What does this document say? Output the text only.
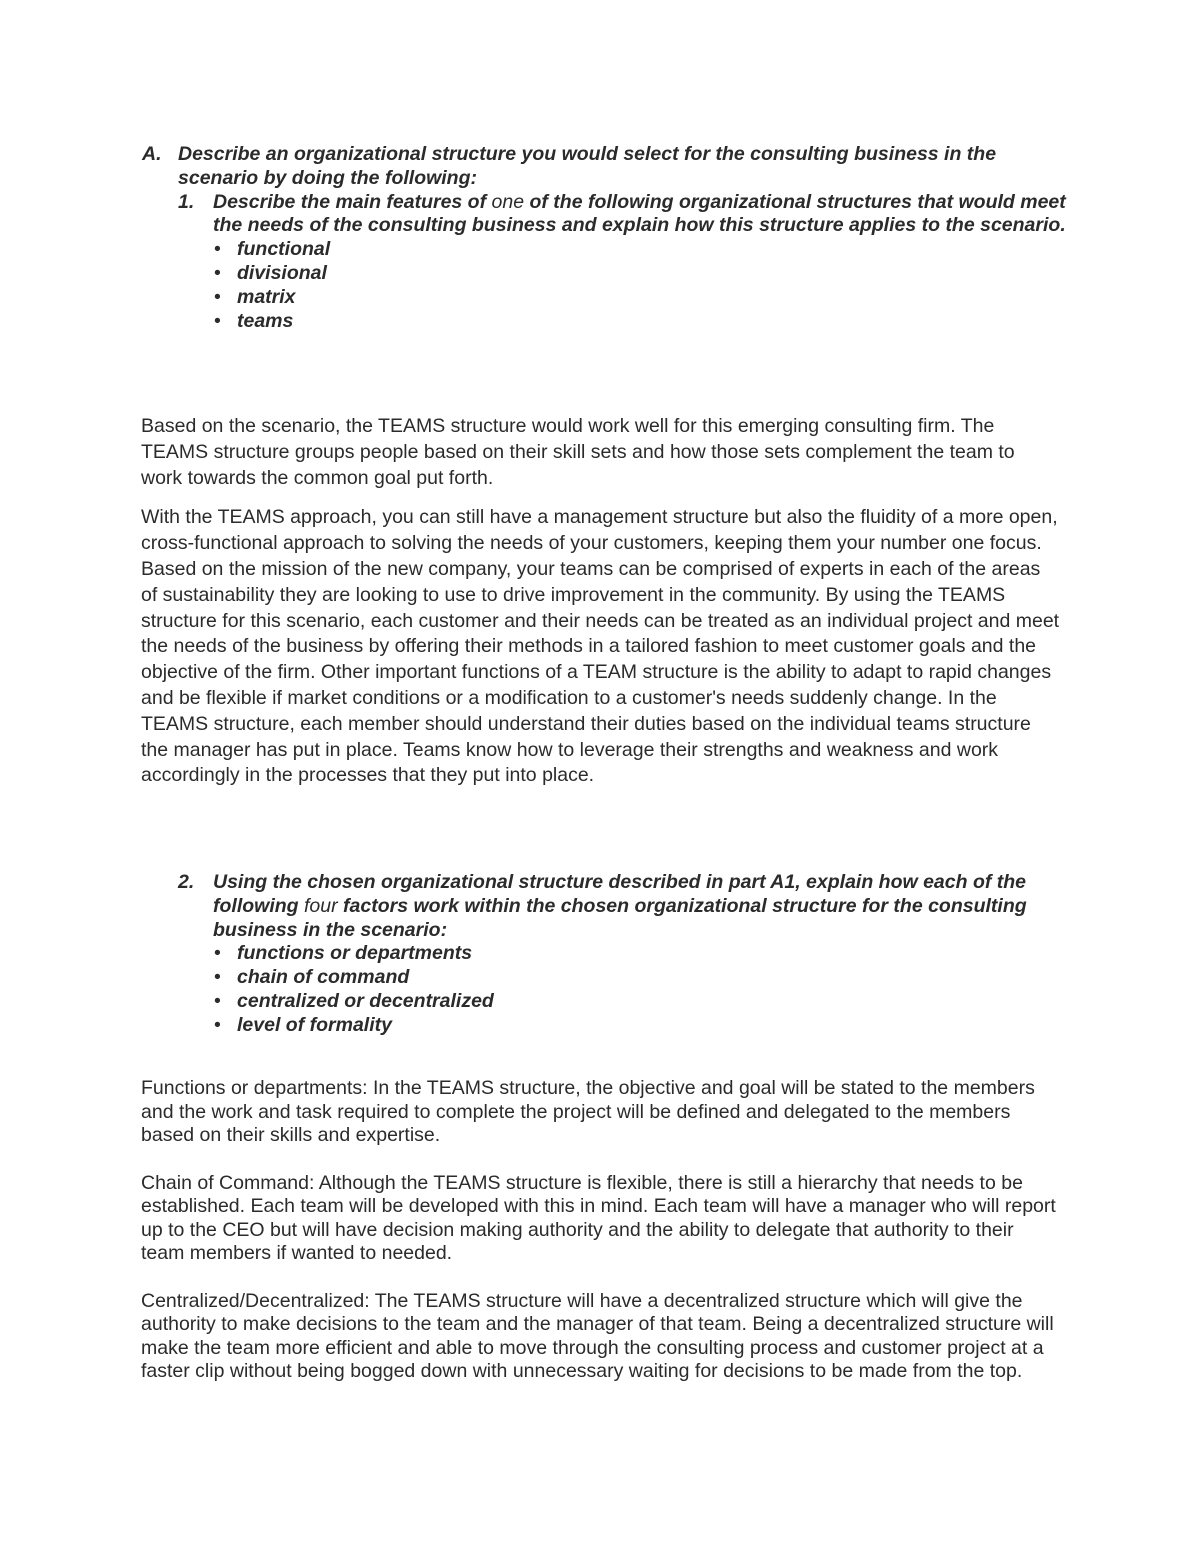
A. Describe an organizational structure you would select for the consulting business in the scenario by doing the following:
1. Describe the main features of one of the following organizational structures that would meet the needs of the consulting business and explain how this structure applies to the scenario.
• functional
• divisional
• matrix
• teams

Based on the scenario, the TEAMS structure would work well for this emerging consulting firm. The TEAMS structure groups people based on their skill sets and how those sets complement the team to work towards the common goal put forth.

With the TEAMS approach, you can still have a management structure but also the fluidity of a more open, cross-functional approach to solving the needs of your customers, keeping them your number one focus. Based on the mission of the new company, your teams can be comprised of experts in each of the areas of sustainability they are looking to use to drive improvement in the community. By using the TEAMS structure for this scenario, each customer and their needs can be treated as an individual project and meet the needs of the business by offering their methods in a tailored fashion to meet customer goals and the objective of the firm. Other important functions of a TEAM structure is the ability to adapt to rapid changes and be flexible if market conditions or a modification to a customer's needs suddenly change. In the TEAMS structure, each member should understand their duties based on the individual teams structure the manager has put in place. Teams know how to leverage their strengths and weakness and work accordingly in the processes that they put into place.

2. Using the chosen organizational structure described in part A1, explain how each of the following four factors work within the chosen organizational structure for the consulting business in the scenario:
• functions or departments
• chain of command
• centralized or decentralized
• level of formality

Functions or departments: In the TEAMS structure, the objective and goal will be stated to the members and the work and task required to complete the project will be defined and delegated to the members based on their skills and expertise.

Chain of Command: Although the TEAMS structure is flexible, there is still a hierarchy that needs to be established. Each team will be developed with this in mind. Each team will have a manager who will report up to the CEO but will have decision making authority and the ability to delegate that authority to their team members if wanted to needed.

Centralized/Decentralized: The TEAMS structure will have a decentralized structure which will give the authority to make decisions to the team and the manager of that team. Being a decentralized structure will make the team more efficient and able to move through the consulting process and customer project at a faster clip without being bogged down with unnecessary waiting for decisions to be made from the top.
